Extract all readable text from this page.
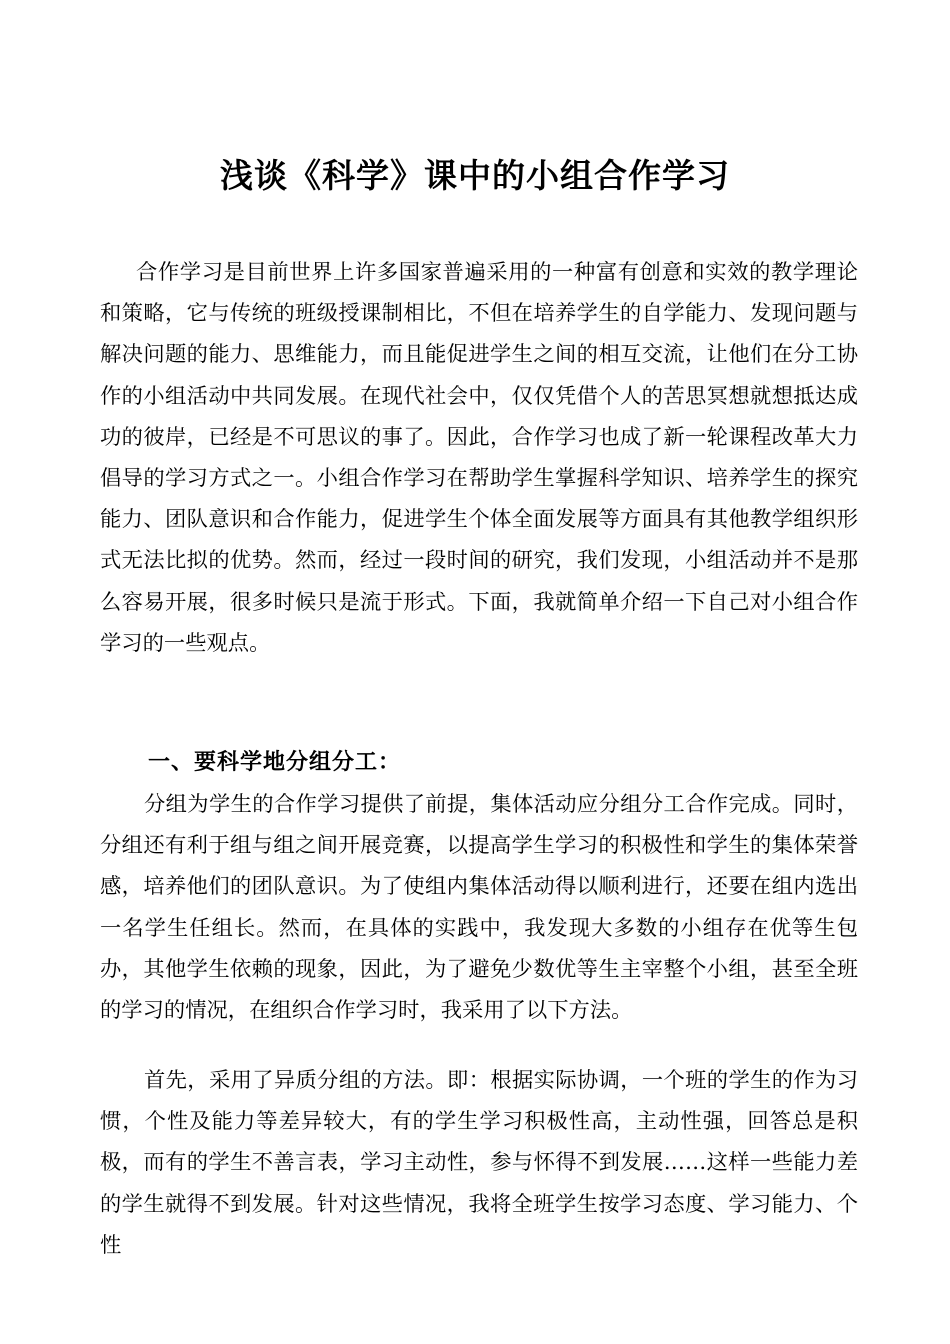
浅谈《科学》课中的小组合作学习

合作学习是目前世界上许多国家普遍采用的一种富有创意和实效的教学理论和策略，它与传统的班级授课制相比，不但在培养学生的自学能力、发现问题与解决问题的能力、思维能力，而且能促进学生之间的相互交流，让他们在分工协作的小组活动中共同发展。在现代社会中，仅仅凭借个人的苦思冥想就想抵达成功的彼岸，已经是不可思议的事了。因此，合作学习也成了新一轮课程改革大力倡导的学习方式之一。小组合作学习在帮助学生掌握科学知识、培养学生的探究能力、团队意识和合作能力，促进学生个体全面发展等方面具有其他教学组织形式无法比拟的优势。然而，经过一段时间的研究，我们发现，小组活动并不是那么容易开展，很多时候只是流于形式。下面，我就简单介绍一下自己对小组合作学习的一些观点。

一、要科学地分组分工：

分组为学生的合作学习提供了前提，集体活动应分组分工合作完成。同时，分组还有利于组与组之间开展竞赛，以提高学生学习的积极性和学生的集体荣誉感，培养他们的团队意识。为了使组内集体活动得以顺利进行，还要在组内选出一名学生任组长。然而，在具体的实践中，我发现大多数的小组存在优等生包办，其他学生依赖的现象，因此，为了避免少数优等生主宰整个小组，甚至全班的学习的情况，在组织合作学习时，我采用了以下方法。

首先，采用了异质分组的方法。即：根据实际协调，一个班的学生的作为习惯，个性及能力等差异较大，有的学生学习积极性高，主动性强，回答总是积极，而有的学生不善言表，学习主动性，参与怀得不到发展……这样一些能力差的学生就得不到发展。针对这些情况，我将全班学生按学习态度、学习能力、个性
